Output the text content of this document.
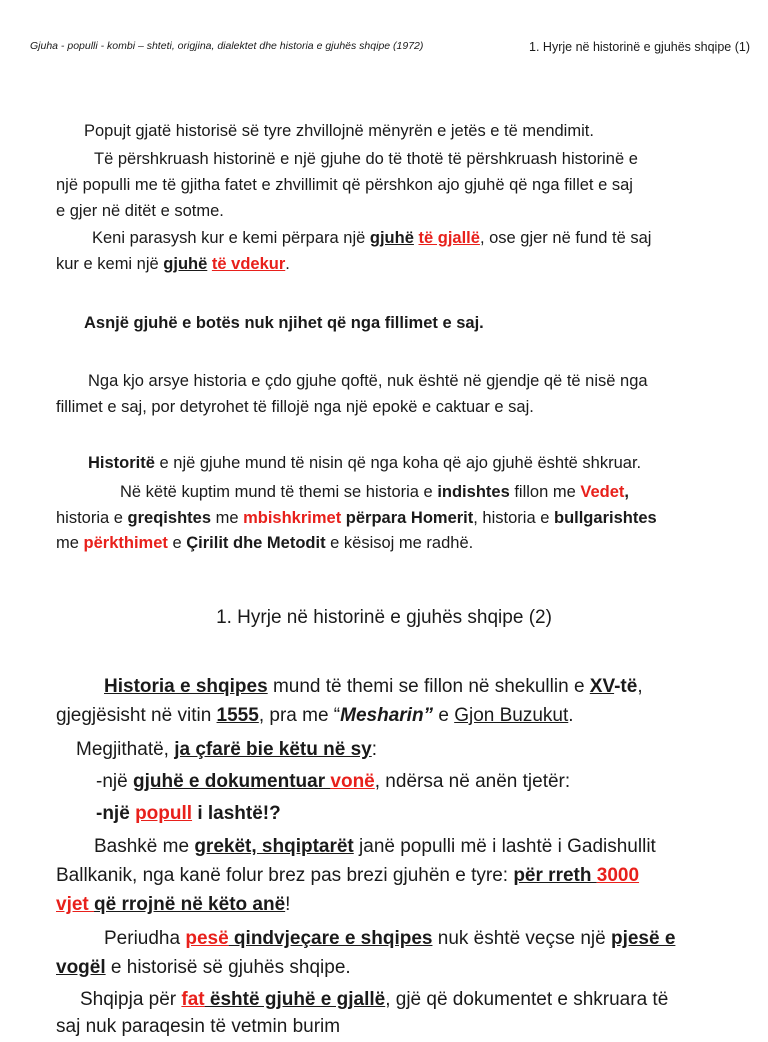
Gjuha - populli - kombi – shteti, origjina, dialektet dhe historia e gjuhës shqipe (1972)	1. Hyrje në historinë e gjuhës shqipe (1)
Popujt gjatë historisë së tyre zhvillojnë mënyrën e jetës e të mendimit.
Të përshkruash historinë e një gjuhe do të thotë të përshkruash historinë e
një populli me të gjitha fatet e zhvillimit që përshkon ajo gjuhë që nga fillet e saj
e gjer në ditët e sotme.
Keni parasysh kur e kemi përpara një gjuhë të gjallë, ose gjer në fund të saj
kur e kemi një gjuhë të vdekur.
Asnjë gjuhë e botës nuk njihet që nga fillimet e saj.
Nga kjo arsye historia e çdo gjuhe qoftë, nuk është në gjendje që të nisë nga
fillimet e saj, por detyrohet të fillojë nga një epokë e caktuar e saj.
Historitë e një gjuhe mund të nisin që nga koha që ajo gjuhë është shkruar.
Në këtë kuptim mund të themi se historia e indishtes fillon me Vedet,
historia e greqishtes me mbishkrimet përpara Homerit, historia e bullgarishtes
me përkthimet e Çirilit dhe Metodit e kësisoj me radhë.
1. Hyrje në historinë e gjuhës shqipe (2)
Historia e shqipes mund të themi se fillon në shekullin e XV-të,
gjegjësisht në vitin 1555, pra me “Mesharin” e Gjon Buzukut.
Megjithatë, ja çfarë bie këtu në sy:
-një gjuhë e dokumentuar vonë, ndërsa në anën tjetër:
-një popull i lashtë!?
Bashkë me grekët, shqiptarët janë populli më i lashtë i Gadishullit
Ballkanik, nga kanë folur brez pas brezi gjuhën e tyre: për rreth 3000
vjet që rrojnë në këto anë!
Periudha pesë qindvjeçare e shqipes nuk është veçse një pjesë e
vogël e historisë së gjuhës shqipe.
Shqipja për fat është gjuhë e gjallë, gjë që dokumentet e shkruara të
saj nuk paraqesin të vetmin burim
